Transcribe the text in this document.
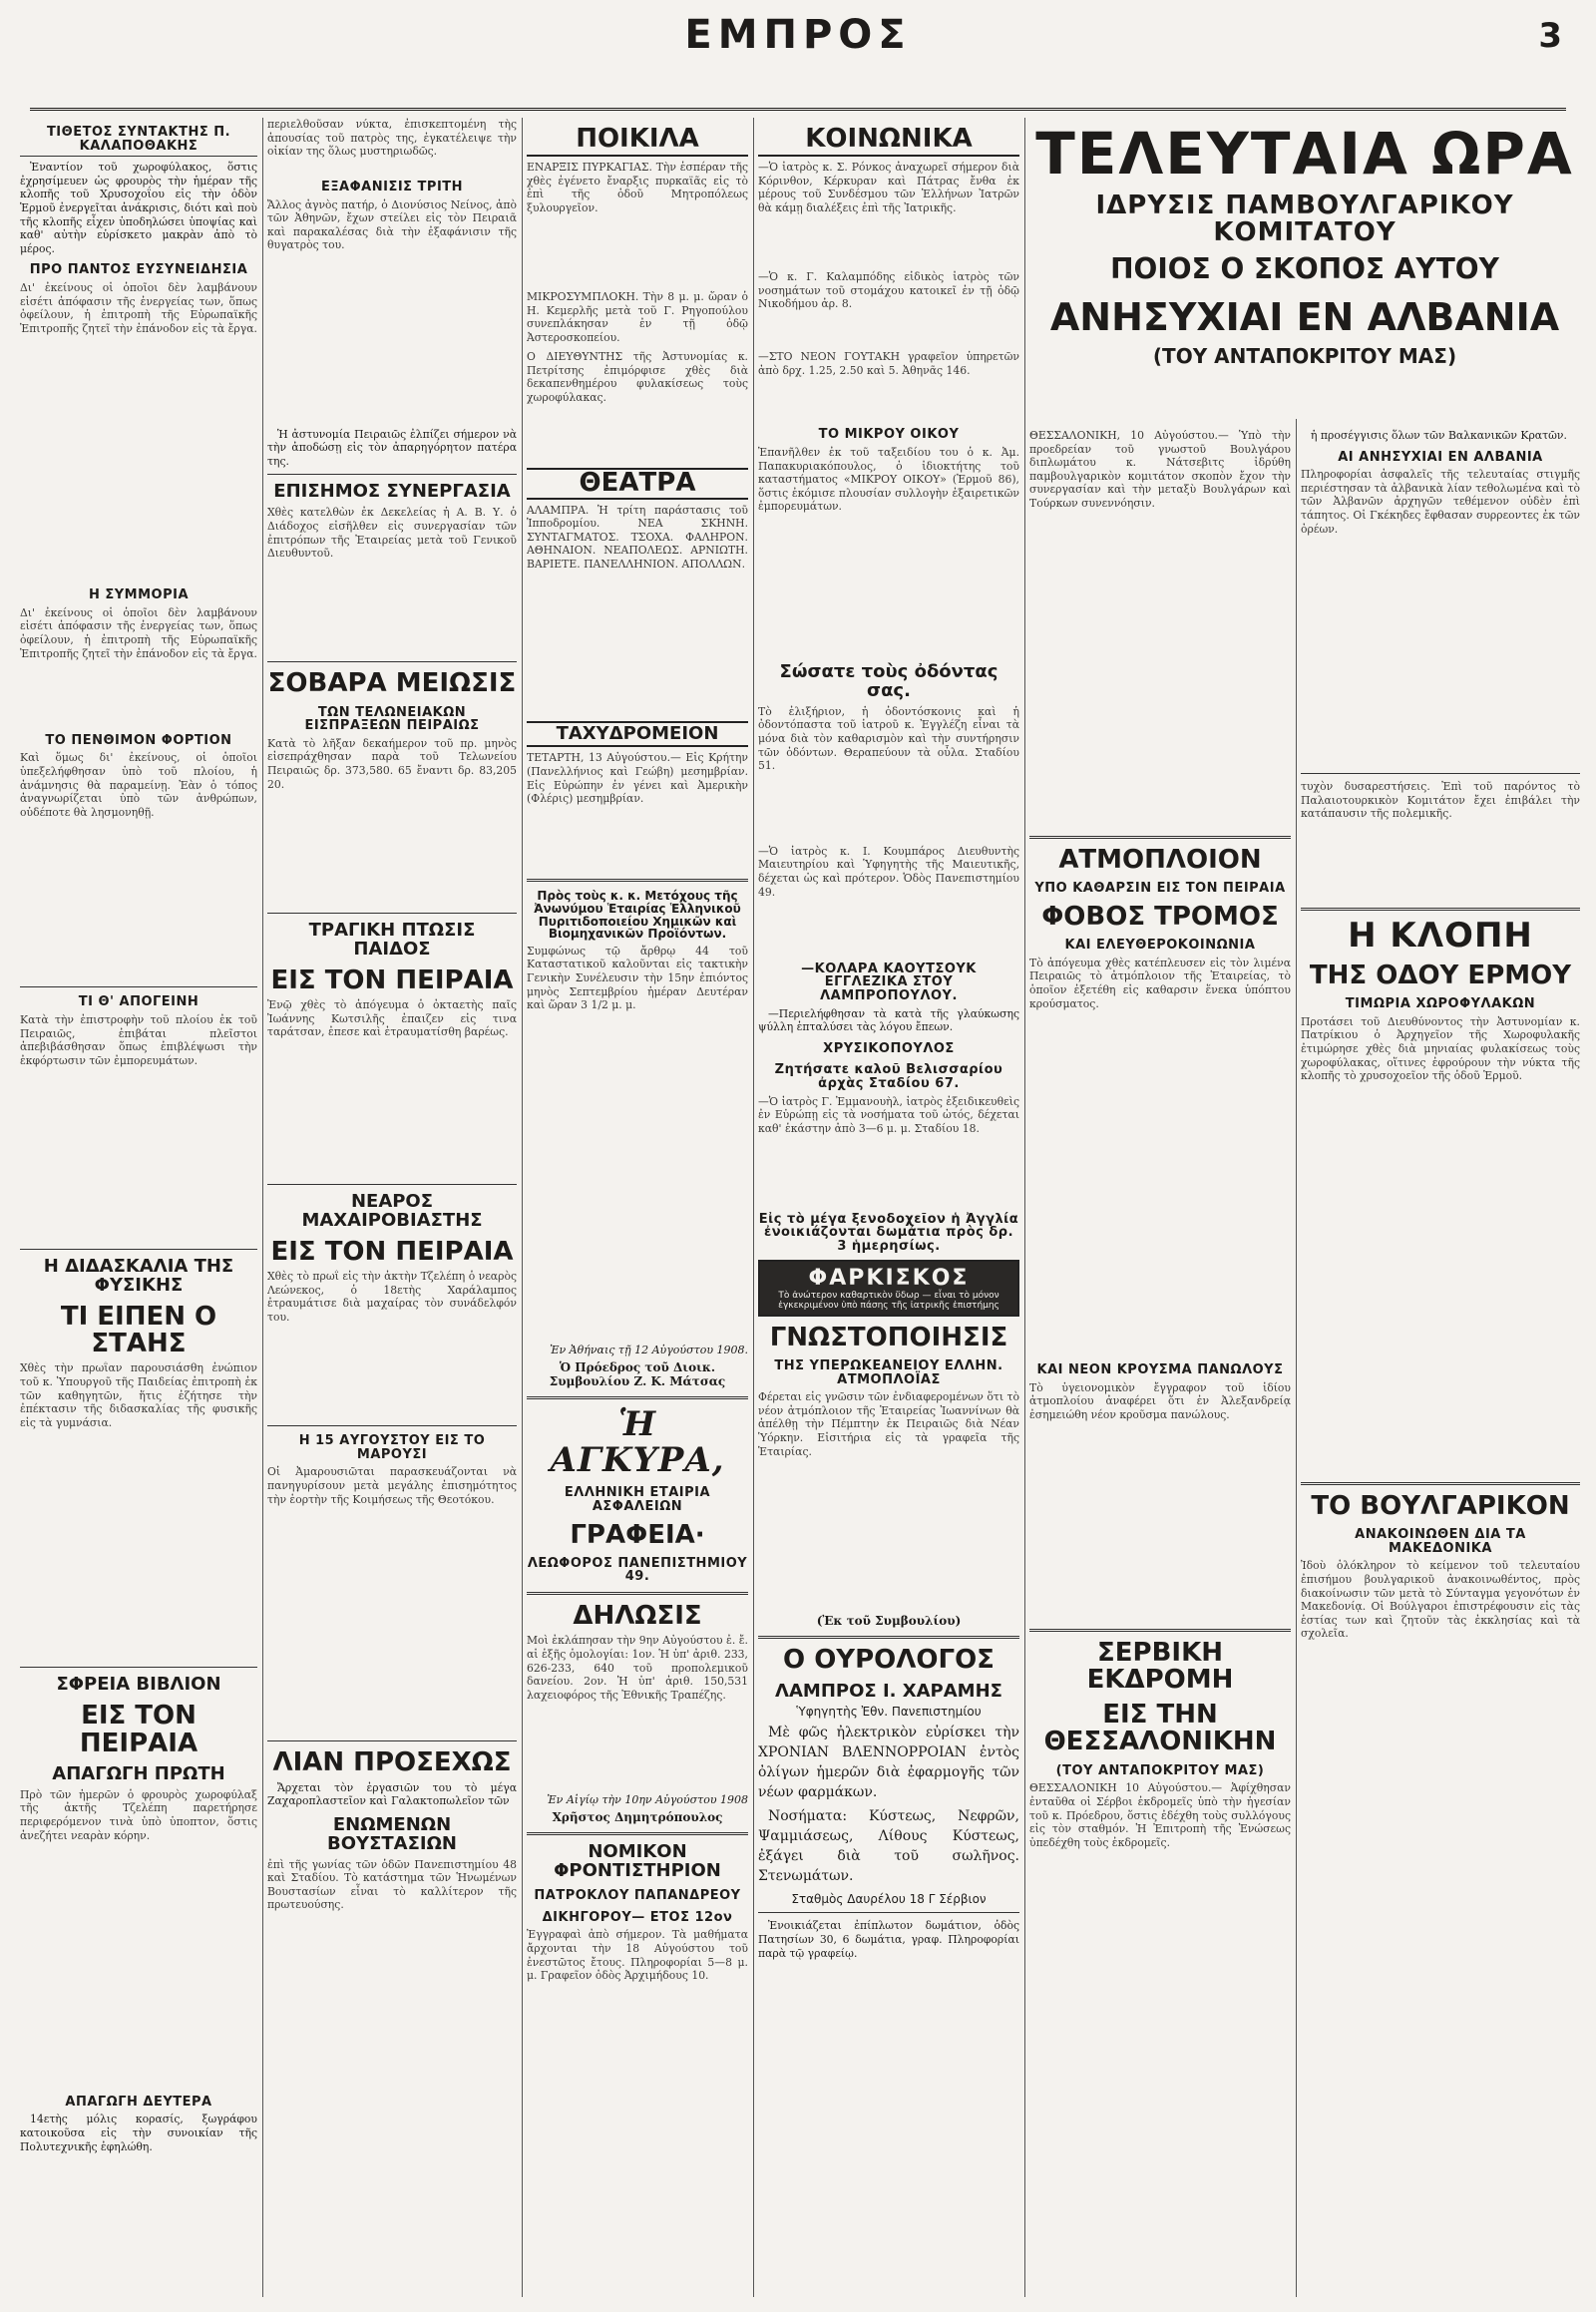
ΕΜΠΡΟΣ	3
ΤΙΘΕΤΟΣ ΣΥΝΤΑΚΤΗΣ Π. ΚΑΛΑΠΟΘΑΚΗΣ
Ἐναντίον τοῦ χωροφύλακος, ὅστις ἐχρησίμευεν ὡς φρουρὸς τὴν ἡμέραν τῆς κλοπῆς τοῦ Χρυσοχοΐου εἰς τὴν ὁδὸν Ἑρμοῦ ἐνεργεῖται ἀνάκρισις, διότι καὶ ποὺ τῆς κλοπῆς εἶχεν ὑποδηλώσει ὑποψίας καὶ καθ' αὐτὴν εὑρίσκετο μακρὰν ἀπὸ τὸ μέρος.
ΠΡΟ ΠΑΝΤΟΣ ΕΥΣΥΝΕΙΔΗΣΙΑ
Δι' ἐκείνους οἱ ὁποῖοι δὲν λαμβάνουν εἰσέτι ἀπόφασιν τῆς ἐνεργείας των, ὅπως ὀφείλουν, ἡ ἐπιτροπὴ τῆς Εὐρωπαϊκῆς Ἐπιτροπῆς ζητεῖ τὴν ἐπάνοδον εἰς τὰ ἔργα.
Η ΣΥΜΜΟΡΙΑ
Δι' ἐκείνους οἱ ὁποῖοι δὲν λαμβάνουν εἰσέτι ἀπόφασιν τῆς ἐνεργείας των, ὅπως ὀφείλουν, ἡ ἐπιτροπὴ τῆς Εὐρωπαϊκῆς Ἐπιτροπῆς ζητεῖ τὴν ἐπάνοδον εἰς τὰ ἔργα.
ΤΟ ΠΕΝΘΙΜΟΝ ΦΟΡΤΙΟΝ
Καὶ ὅμως δι' ἐκείνους, οἱ ὁποῖοι ὑπεξελήφθησαν ὑπὸ τοῦ πλοίου, ἡ ἀνάμνησις θὰ παραμείνῃ. Ἐὰν ὁ τόπος ἀναγνωρίζεται ὑπὸ τῶν ἀνθρώπων, οὐδέποτε θὰ λησμονηθῇ.
ΤΙ Θ' ΑΠΟΓΕΙΝΗ
Κατὰ τὴν ἐπιστροφὴν τοῦ πλοίου ἐκ τοῦ Πειραιῶς, ἐπιβάται πλεῖστοι ἀπεβιβάσθησαν ὅπως ἐπιβλέψωσι τὴν ἐκφόρτωσιν τῶν ἐμπορευμάτων.
Η ΔΙΔΑΣΚΑΛΙΑ ΤΗΣ ΦΥΣΙΚΗΣ
ΤΙ ΕΙΠΕΝ Ο ΣΤΑΗΣ
Χθὲς τὴν πρωΐαν παρουσιάσθη ἐνώπιον τοῦ κ. Ὑπουργοῦ τῆς Παιδείας ἐπιτροπὴ ἐκ τῶν καθηγητῶν, ἥτις ἐζήτησε τὴν ἐπέκτασιν τῆς διδασκαλίας τῆς φυσικῆς εἰς τὰ γυμνάσια.
ΣΦΡΕΙΑ ΒΙΒΛΙΟΝ
ΕΙΣ ΤΟΝ ΠΕΙΡΑΙΑ
ΑΠΑΓΩΓΗ ΠΡΩΤΗ
Πρὸ τῶν ἡμερῶν ὁ φρουρὸς χωροφύλαξ τῆς ἀκτῆς Τζελέπη παρετήρησε περιφερόμενον τινὰ ὑπὸ ὑποπτον, ὅστις ἀνεζήτει νεαρὰν κόρην.
ΑΠΑΓΩΓΗ ΔΕΥΤΕΡΑ
14ετὴς μόλις κορασίς, ξωγράφου κατοικοῦσα εἰς τὴν συνοικίαν τῆς Πολυτεχνικῆς ἐφηλώθη.
περιελθοῦσαν νύκτα, ἐπισκεπτομένη τὴς ἀπουσίας τοῦ πατρὸς της, ἐγκατέλειψε τὴν οἰκίαν της ὅλως μυστηριωδῶς.
ΕΞΑΦΑΝΙΣΙΣ ΤΡΙΤΗ
Ἄλλος ἀγνὸς πατήρ, ὁ Διονύσιος Νείνος, ἀπὸ τῶν Ἀθηνῶν, ἔχων στείλει εἰς τὸν Πειραιᾶ καὶ παρακαλέσας διὰ τὴν ἐξαφάνισιν τῆς θυγατρὸς του.
Ἡ ἀστυνομία Πειραιῶς ἐλπίζει σήμερον νὰ τὴν ἀποδώσῃ εἰς τὸν ἀπαρηγόρητον πατέρα της.
ΕΠΙΣΗΜΟΣ ΣΥΝΕΡΓΑΣΙΑ
Χθὲς κατελθὼν ἐκ Δεκελείας ἡ Α. Β. Υ. ὁ Διάδοχος εἰσῆλθεν εἰς συνεργασίαν τῶν ἐπιτρόπων τῆς Ἐταιρείας μετὰ τοῦ Γενικοῦ Διευθυντοῦ.
ΣΟΒΑΡΑ ΜΕΙΩΣΙΣ
ΤΩΝ ΤΕΛΩΝΕΙΑΚΩΝ ΕΙΣΠΡΑΞΕΩΝ ΠΕΙΡΑΙΩΣ
Κατὰ τὸ λῆξαν δεκαήμερον τοῦ πρ. μηνὸς εἰσεπράχθησαν παρὰ τοῦ Τελωνείου Πειραιῶς δρ. 373,580. 65 ἔναντι δρ. 83,205 20.
ΤΡΑΓΙΚΗ ΠΤΩΣΙΣ ΠΑΙΔΟΣ
ΕΙΣ ΤΟΝ ΠΕΙΡΑΙΑ
Ἐνῷ χθὲς τὸ ἀπόγευμα ὁ ὀκταετὴς παῖς Ἰωάννης Κωτσιλῆς ἐπαιζεν εἰς τινα ταράτσαν, ἐπεσε καὶ ἐτραυματίσθη βαρέως.
ΝΕΑΡΟΣ ΜΑΧΑΙΡΟΒΙΑΣΤΗΣ
ΕΙΣ ΤΟΝ ΠΕΙΡΑΙΑ
Χθὲς τὸ πρωῒ εἰς τὴν ἀκτὴν Τζελέπη ὁ νεαρὸς Λεώνεκος, ὁ 18ετὴς Χαράλαμπος ἐτραυμάτισε διὰ μαχαίρας τὸν συνάδελφόν του.
Η 15 ΑΥΓΟΥΣΤΟΥ ΕΙΣ ΤΟ ΜΑΡΟΥΣΙ
Οἱ Ἀμαρουσιῶται παρασκευάζονται νὰ πανηγυρίσουν μετὰ μεγάλης ἐπισημότητος τὴν ἑορτὴν τῆς Κοιμήσεως τῆς Θεοτόκου.
ΛΙΑΝ ΠΡΟΣΕΧΩΣ
Ἄρχεται τὸν ἐργασιῶν του τὸ μέγα Ζαχαροπλαστεῖον καὶ Γαλακτοπωλεῖον τῶν
ΕΝΩΜΕΝΩΝ ΒΟΥΣΤΑΣΙΩΝ
ἐπὶ τῆς γωνίας τῶν ὁδῶν Πανεπιστημίου 48 καὶ Σταδίου. Τὸ κατάστημα τῶν Ἡνωμένων Βουστασίων εἶναι τὸ καλλίτερον τῆς πρωτευούσης.
ΠΟΙΚΙΛΑ
ΕΝΑΡΞΙΣ ΠΥΡΚΑΓΙΑΣ. Τὴν ἑσπέραν τῆς χθὲς ἐγένετο ἔναρξις πυρκαϊᾶς εἰς τὸ ἐπὶ τῆς ὁδοῦ Μητροπόλεως ξυλουργεῖον.
ΜΙΚΡΟΣΥΜΠΛΟΚΗ. Τὴν 8 μ. μ. ὥραν ὁ Η. Κεμερλῆς μετὰ τοῦ Γ. Ρηγοπούλου συνεπλάκησαν ἐν τῇ ὁδῷ Ἀστεροσκοπείου.
Ο ΔΙΕΥΘΥΝΤΗΣ τῆς Ἀστυνομίας κ. Πετρίτσης ἐπιμόρφισε χθὲς διὰ δεκαπενθημέρου φυλακίσεως τοὺς χωροφύλακας.
ΘΕΑΤΡΑ
ΑΛΑΜΠΡΑ. Ἡ τρίτη παράστασις τοῦ Ἱπποδρομίου. ΝΕΑ ΣΚΗΝΗ. ΣΥΝΤΑΓΜΑΤΟΣ. ΤΣΟΧΑ. ΦΑΛΗΡΟΝ. ΑΘΗΝΑΙΟΝ. ΝΕΑΠΟΛΕΩΣ. ΑΡΝΙΩΤΗ. ΒΑΡΙΕΤΕ. ΠΑΝΕΛΛΗΝΙΟΝ. ΑΠΟΛΛΩΝ.
ΤΑΧΥΔΡΟΜΕΙΟΝ
ΤΕΤΑΡΤΗ, 13 Αὐγούστου.— Εἰς Κρήτην (Πανελλήνιος καὶ Γεώβη) μεσημβρίαν. Εἰς Εὐρώπην ἐν γένει καὶ Ἀμερικὴν (Φλέρις) μεσημβρίαν.
Πρὸς τοὺς κ. κ. Μετόχους τῆς Ἀνωνύμου Ἑταιρίας Ἑλληνικοῦ Πυριτιδοποιείου Χημικῶν καὶ Βιομηχανικῶν Προϊόντων.
Συμφώνως τῷ ἄρθρῳ 44 τοῦ Καταστατικοῦ καλοῦνται εἰς τακτικὴν Γενικὴν Συνέλευσιν τὴν 15ην ἐπιόντος μηνὸς Σεπτεμβρίου ἡμέραν Δευτέραν καὶ ὥραν 3 1/2 μ. μ.
Ἐν Ἀθήναις τῇ 12 Αὐγούστου 1908.
Ὁ Πρόεδρος τοῦ Διοικ. Συμβουλίου Ζ. Κ. Μάτσας
Ἡ ΑΓΚΥΡΑ,
ΕΛΛΗΝΙΚΗ ΕΤΑΙΡΙΑ ΑΣΦΑΛΕΙΩΝ
ΓΡΑΦΕΙΑ·
ΛΕΩΦΟΡΟΣ ΠΑΝΕΠΙΣΤΗΜΙΟΥ 49.
ΔΗΛΩΣΙΣ
Μοὶ ἐκλάπησαν τὴν 9ην Αὐγούστου ἐ. ἔ. αἱ ἑξῆς ὁμολογίαι: 1ον. Ἡ ὑπ' ἀριθ. 233, 626-233, 640 τοῦ προπολεμικοῦ δανείου. 2ον. Ἡ ὑπ' ἀριθ. 150,531 λαχειοφόρος τῆς Ἐθνικῆς Τραπέζης.
Ἐν Αἰγίῳ τὴν 10ην Αὐγούστου 1908
Χρῆστος Δημητρόπουλος
ΝΟΜΙΚΟΝ ΦΡΟΝΤΙΣΤΗΡΙΟΝ
ΠΑΤΡΟΚΛΟΥ ΠΑΠΑΝΔΡΕΟΥ
ΔΙΚΗΓΟΡΟΥ— ΕΤΟΣ 12ον
Ἐγγραφαὶ ἀπὸ σήμερον. Τὰ μαθήματα ἄρχονται τὴν 18 Αὐγούστου τοῦ ἐνεστῶτος ἔτους. Πληροφορίαι 5—8 μ. μ. Γραφεῖον ὁδὸς Ἀρχιμήδους 10.
ΚΟΙΝΩΝΙΚΑ
—Ὁ ἰατρὸς κ. Σ. Ρόνκος ἀναχωρεῖ σήμερον διὰ Κόρινθον, Κέρκυραν καὶ Πάτρας ἔνθα ἐκ μέρους τοῦ Συνδέσμου τῶν Ἑλλήνων Ἰατρῶν θὰ κάμῃ διαλέξεις ἐπὶ τῆς Ἰατρικῆς.
—Ὁ κ. Γ. Καλαμπόδης εἰδικὸς ἰατρὸς τῶν νοσημάτων τοῦ στομάχου κατοικεῖ ἐν τῇ ὁδῷ Νικοδήμου ἀρ. 8.
—ΣΤΟ ΝΕΟΝ ΓΟΥΤΑΚΗ γραφεῖον ὑπηρετῶν ἀπὸ δρχ. 1.25, 2.50 καὶ 5. Ἀθηνᾶς 146.
ΤΟ ΜΙΚΡΟΥ ΟΙΚΟΥ
Ἐπανῆλθεν ἐκ τοῦ ταξειδίου του ὁ κ. Ἀμ. Παπακυριακόπουλος, ὁ ἰδιοκτήτης τοῦ καταστήματος «ΜΙΚΡΟΥ ΟΙΚΟΥ» (Ἑρμοῦ 86), ὅστις ἐκόμισε πλουσίαν συλλογὴν ἐξαιρετικῶν ἐμπορευμάτων.
Σώσατε τοὺς ὀδόντας σας.
Τὸ ἐλιξήριον, ἡ ὀδοντόσκονις καὶ ἡ ὀδοντόπαστα τοῦ ἰατροῦ κ. Ἐγγλέζη εἶναι τὰ μόνα διὰ τὸν καθαρισμὸν καὶ τὴν συντήρησιν τῶν ὀδόντων. Θεραπεύουν τὰ οὖλα. Σταδίου 51.
—Ὁ ἰατρὸς κ. Ι. Κουμπάρος Διευθυντὴς Μαιευτηρίου καὶ Ὑφηγητὴς τῆς Μαιευτικῆς, δέχεται ὡς καὶ πρότερον. Ὁδὸς Πανεπιστημίου 49.
—ΚΟΛΑΡΑ ΚΑΟΥΤΣΟΥΚ ΕΓΓΛΕΖΙΚΑ ΣΤΟΥ ΛΑΜΠΡΟΠΟΥΛΟΥ.
—Περιελήφθησαν τὰ κατὰ τῆς γλαύκωσης ψύλλη ἑπταλύσει τὰς λόγου ἔπεων.
ΧΡΥΣΙΚΟΠΟΥΛΟΣ
Ζητήσατε καλοῦ Βελισσαρίου ἀρχὰς Σταδίου 67.
—Ὁ ἰατρὸς Γ. Ἐμμανουὴλ, ἰατρὸς ἐξειδικευθεὶς ἐν Εὐρώπῃ εἰς τὰ νοσήματα τοῦ ὠτός, δέχεται καθ' ἑκάστην ἀπὸ 3—6 μ. μ. Σταδίου 18.
Εἰς τὸ μέγα ξενοδοχεῖον ἡ Ἀγγλία ἐνοικιάζονται δωμάτια πρὸς δρ. 3 ἡμερησίως.
ΦΑΡΚΙΣΚΟΣ
Τὸ ἀνώτερον καθαρτικὸν ὕδωρ — εἶναι τὸ μόνον ἐγκεκριμένον ὑπὸ πάσης τῆς ἰατρικῆς ἐπιστήμης
ΓΝΩΣΤΟΠΟΙΗΣΙΣ
ΤΗΣ ΥΠΕΡΩΚΕΑΝΕΙΟΥ ΕΛΛΗΝ. ΑΤΜΟΠΛΟΪΑΣ
Φέρεται εἰς γνῶσιν τῶν ἐνδιαφερομένων ὅτι τὸ νέον ἀτμόπλοιον τῆς Ἑταιρείας Ἰωαννίνων θὰ ἀπέλθῃ τὴν Πέμπτην ἐκ Πειραιῶς διὰ Νέαν Ὑόρκην. Εἰσιτήρια εἰς τὰ γραφεῖα τῆς Ἑταιρίας.
(Ἐκ τοῦ Συμβουλίου)
Ο ΟΥΡΟΛΟΓΟΣ
ΛΑΜΠΡΟΣ Ι. ΧΑΡΑΜΗΣ
Ὑφηγητὴς Ἐθν. Πανεπιστημίου
Μὲ φῶς ἠλεκτρικὸν εὐρίσκει τὴν ΧΡΟΝΙΑΝ ΒΛΕΝΝΟΡΡΟΙΑΝ ἐντὸς ὀλίγων ἡμερῶν διὰ ἐφαρμογῆς τῶν νέων φαρμάκων.
Νοσήματα: Κύστεως, Νεφρῶν, Ψαμμιάσεως, Λίθους Κύστεως, ἐξάγει διὰ τοῦ σωλῆνος. Στενωμάτων.
Σταθμὸς Δαυρέλου 18 Γ Σέρβιον
Ἐνοικιάζεται ἐπίπλωτον δωμάτιον, ὁδὸς Πατησίων 30, 6 δωμάτια, γραφ. Πληροφορίαι παρὰ τῷ γραφείῳ.
ΤΕΛΕΥΤΑΙΑ ΩΡΑ
ΙΔΡΥΣΙΣ ΠΑΜΒΟΥΛΓΑΡΙΚΟΥ ΚΟΜΙΤΑΤΟΥ
ΠΟΙΟΣ Ο ΣΚΟΠΟΣ ΑΥΤΟΥ
ΑΝΗΣΥΧΙΑΙ ΕΝ ΑΛΒΑΝΙΑ
(ΤΟΥ ΑΝΤΑΠΟΚΡΙΤΟΥ ΜΑΣ)
ΘΕΣΣΑΛΟΝΙΚΗ, 10 Αὐγούστου.— Ὑπὸ τὴν προεδρείαν τοῦ γνωστοῦ Βουλγάρου διπλωμάτου κ. Νάτσεβιτς ἱδρύθη παμβουλγαρικὸν κομιτάτον σκοπὸν ἔχον τὴν συνεργασίαν καὶ τὴν μεταξὺ Βουλγάρων καὶ Τούρκων συνεννόησιν.
ΑΤΜΟΠΛΟΙΟΝ
ΥΠΟ ΚΑΘΑΡΣΙΝ ΕΙΣ ΤΟΝ ΠΕΙΡΑΙΑ
ΦΟΒΟΣ ΤΡΟΜΟΣ
ΚΑΙ ΕΛΕΥΘΕΡΟΚΟΙΝΩΝΙΑ
Τὸ ἀπόγευμα χθὲς κατέπλευσεν εἰς τὸν λιμένα Πειραιῶς τὸ ἀτμόπλοιον τῆς Ἑταιρείας, τὸ ὁποῖον ἐξετέθη εἰς καθαρσιν ἕνεκα ὑπόπτου κρούσματος.
ΚΑΙ ΝΕΟΝ ΚΡΟΥΣΜΑ ΠΑΝΩΛΟΥΣ
Τὸ ὑγειονομικὸν ἔγγραφον τοῦ ἰδίου ἀτμοπλοίου ἀναφέρει ὅτι ἐν Ἀλεξανδρείᾳ ἐσημειώθη νέον κροῦσμα πανώλους.
ΣΕΡΒΙΚΗ ΕΚΔΡΟΜΗ
ΕΙΣ ΤΗΝ ΘΕΣΣΑΛΟΝΙΚΗΝ
(ΤΟΥ ΑΝΤΑΠΟΚΡΙΤΟΥ ΜΑΣ)
ΘΕΣΣΑΛΟΝΙΚΗ 10 Αὐγούστου.— Ἀφίχθησαν ἐνταῦθα οἱ Σέρβοι ἐκδρομεῖς ὑπὸ τὴν ἡγεσίαν τοῦ κ. Πρόεδρου, ὅστις ἐδέχθη τοὺς συλλόγους εἰς τὸν σταθμόν. Ἡ Ἐπιτροπὴ τῆς Ἑνώσεως ὑπεδέχθη τοὺς ἐκδρομεῖς.
ἡ προσέγγισις ὅλων τῶν Βαλκανικῶν Κρατῶν.
ΑΙ ΑΝΗΣΥΧΙΑΙ ΕΝ ΑΛΒΑΝΙΑ
Πληροφορίαι ἀσφαλεῖς τῆς τελευταίας στιγμῆς περιέστησαν τὰ ἀλβανικὰ λίαν τεθολωμένα καὶ τὸ τῶν Ἀλβανῶν ἀρχηγῶν τεθέμενον οὐδὲν ἐπὶ τάπητος. Οἱ Γκέκηδες ἔφθασαν συρρεοντες ἐκ τῶν ὀρέων.
τυχὸν δυσαρεστήσεις. Ἐπὶ τοῦ παρόντος τὸ Παλαιοτουρκικὸν Κομιτάτον ἔχει ἐπιβάλει τὴν κατάπαυσιν τῆς πολεμικῆς.
Η ΚΛΟΠΗ
ΤΗΣ ΟΔΟΥ ΕΡΜΟΥ
ΤΙΜΩΡΙΑ ΧΩΡΟΦΥΛΑΚΩΝ
Προτάσει τοῦ Διευθύνοντος τὴν Ἀστυνομίαν κ. Πατρίκιου ὁ Ἀρχηγεῖον τῆς Χωροφυλακῆς ἐτιμώρησε χθὲς διὰ μηνιαίας φυλακίσεως τοὺς χωροφύλακας, οἵτινες ἐφρούρουν τὴν νύκτα τῆς κλοπῆς τὸ χρυσοχοεῖον τῆς ὁδοῦ Ἑρμοῦ.
ΤΟ ΒΟΥΛΓΑΡΙΚΟΝ
ΑΝΑΚΟΙΝΩΘΕΝ ΔΙΑ ΤΑ ΜΑΚΕΔΟΝΙΚΑ
Ἰδοὺ ὁλόκληρον τὸ κείμενον τοῦ τελευταίου ἐπισήμου βουλγαρικοῦ ἀνακοινωθέντος, πρὸς διακοίνωσιν τῶν μετὰ τὸ Σύνταγμα γεγονότων ἐν Μακεδονίᾳ. Οἱ Βούλγαροι ἐπιστρέφουσιν εἰς τὰς ἑστίας των καὶ ζητοῦν τὰς ἐκκλησίας καὶ τὰ σχολεῖα.
